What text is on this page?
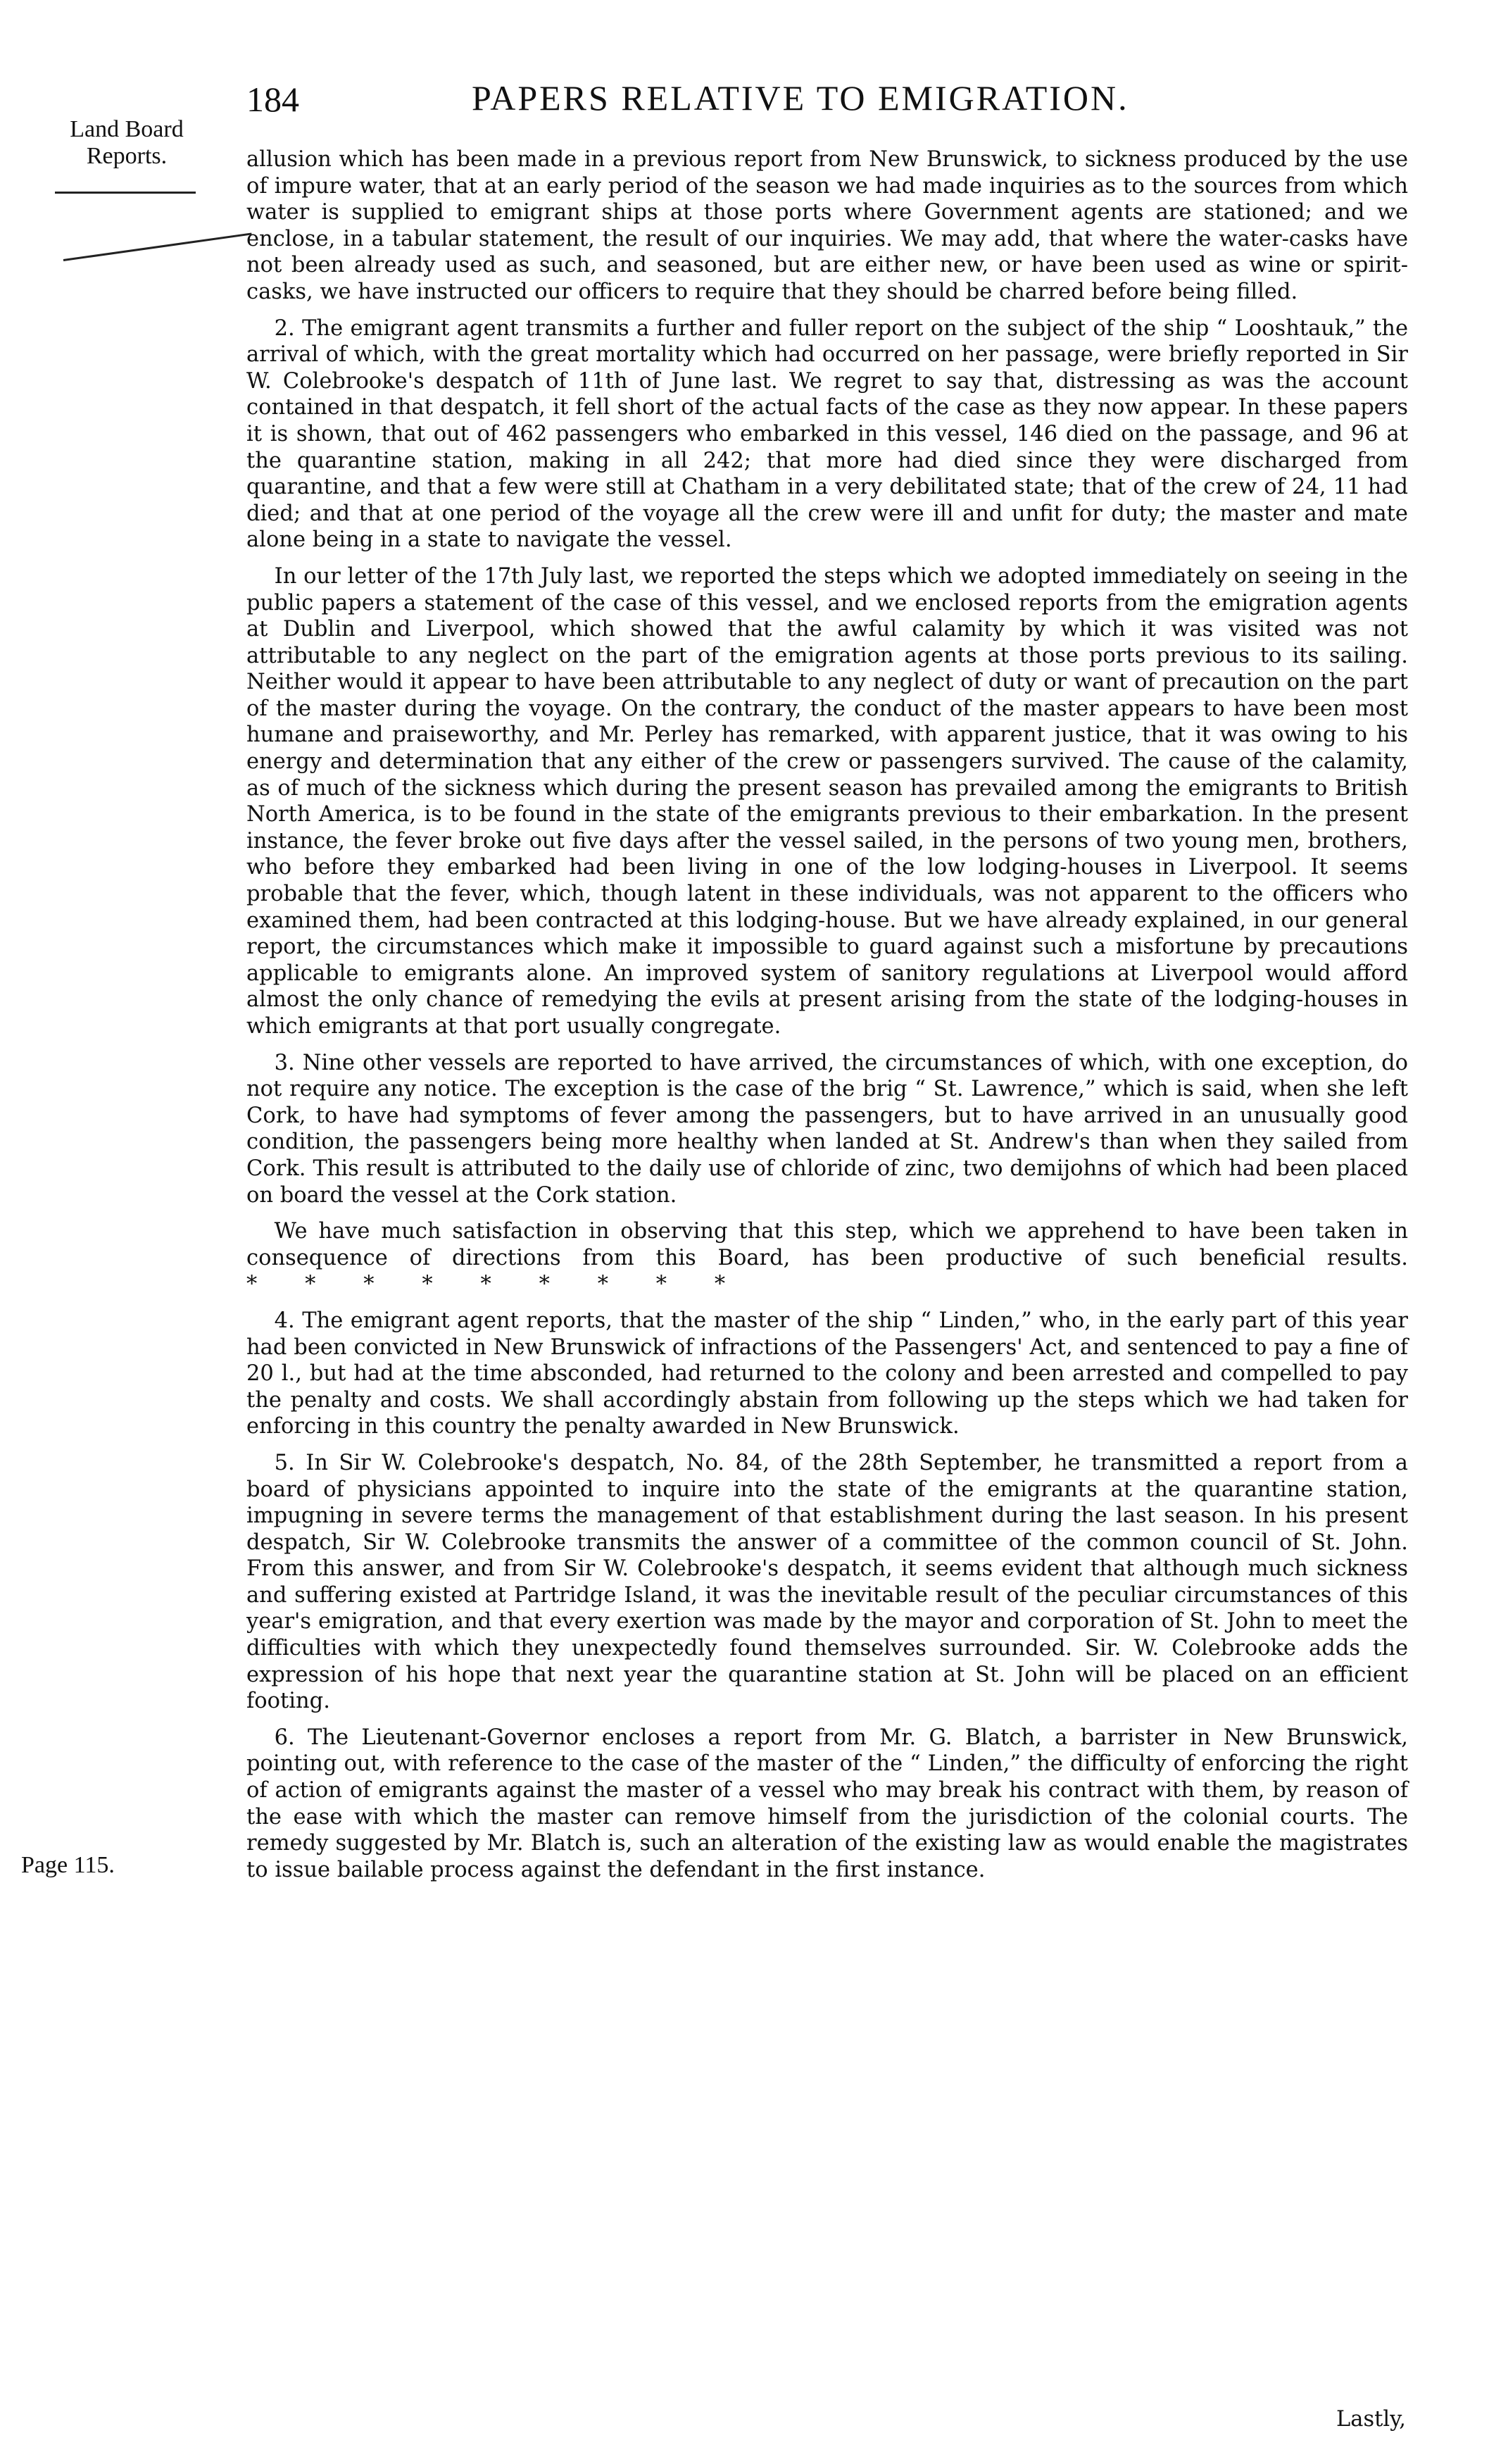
184	PAPERS RELATIVE TO EMIGRATION.
Land Board Reports.
Page 115.

allusion which has been made in a previous report from New Brunswick, to sickness produced by the use of impure water, that at an early period of the season we had made inquiries as to the sources from which water is supplied to emigrant ships at those ports where Government agents are stationed; and we enclose, in a tabular statement, the result of our inquiries. We may add, that where the water-casks have not been already used as such, and seasoned, but are either new, or have been used as wine or spirit-casks, we have instructed our officers to require that they should be charred before being filled.

2. The emigrant agent transmits a further and fuller report on the subject of the ship “ Looshtauk,” the arrival of which, with the great mortality which had occurred on her passage, were briefly reported in Sir W. Colebrooke's despatch of 11th of June last. We regret to say that, distressing as was the account contained in that despatch, it fell short of the actual facts of the case as they now appear. In these papers it is shown, that out of 462 passengers who embarked in this vessel, 146 died on the passage, and 96 at the quarantine station, making in all 242; that more had died since they were discharged from quarantine, and that a few were still at Chatham in a very debilitated state; that of the crew of 24, 11 had died; and that at one period of the voyage all the crew were ill and unfit for duty; the master and mate alone being in a state to navigate the vessel.

In our letter of the 17th July last, we reported the steps which we adopted immediately on seeing in the public papers a statement of the case of this vessel, and we enclosed reports from the emigration agents at Dublin and Liverpool, which showed that the awful calamity by which it was visited was not attributable to any neglect on the part of the emigration agents at those ports previous to its sailing. Neither would it appear to have been attributable to any neglect of duty or want of precaution on the part of the master during the voyage. On the contrary, the conduct of the master appears to have been most humane and praiseworthy, and Mr. Perley has remarked, with apparent justice, that it was owing to his energy and determination that any either of the crew or passengers survived. The cause of the calamity, as of much of the sickness which during the present season has prevailed among the emigrants to British North America, is to be found in the state of the emigrants previous to their embarkation. In the present instance, the fever broke out five days after the vessel sailed, in the persons of two young men, brothers, who before they embarked had been living in one of the low lodging-houses in Liverpool. It seems probable that the fever, which, though latent in these individuals, was not apparent to the officers who examined them, had been contracted at this lodging-house. But we have already explained, in our general report, the circumstances which make it impossible to guard against such a misfortune by precautions applicable to emigrants alone. An improved system of sanitory regulations at Liverpool would afford almost the only chance of remedying the evils at present arising from the state of the lodging-houses in which emigrants at that port usually congregate.

3. Nine other vessels are reported to have arrived, the circumstances of which, with one exception, do not require any notice. The exception is the case of the brig “ St. Lawrence,” which is said, when she left Cork, to have had symptoms of fever among the passengers, but to have arrived in an unusually good condition, the passengers being more healthy when landed at St. Andrew's than when they sailed from Cork. This result is attributed to the daily use of chloride of zinc, two demijohns of which had been placed on board the vessel at the Cork station.

We have much satisfaction in observing that this step, which we apprehend to have been taken in consequence of directions from this Board, has been productive of such beneficial results. *       *       *       *       *       *       *       *       *

4. The emigrant agent reports, that the master of the ship “ Linden,” who, in the early part of this year had been convicted in New Brunswick of infractions of the Passengers' Act, and sentenced to pay a fine of 20 l., but had at the time absconded, had returned to the colony and been arrested and compelled to pay the penalty and costs. We shall accordingly abstain from following up the steps which we had taken for enforcing in this country the penalty awarded in New Brunswick.

5. In Sir W. Colebrooke's despatch, No. 84, of the 28th September, he transmitted a report from a board of physicians appointed to inquire into the state of the emigrants at the quarantine station, impugning in severe terms the management of that establishment during the last season. In his present despatch, Sir W. Colebrooke transmits the answer of a committee of the common council of St. John. From this answer, and from Sir W. Colebrooke's despatch, it seems evident that although much sickness and suffering existed at Partridge Island, it was the inevitable result of the peculiar circumstances of this year's emigration, and that every exertion was made by the mayor and corporation of St. John to meet the difficulties with which they unexpectedly found themselves surrounded. Sir. W. Colebrooke adds the expression of his hope that next year the quarantine station at St. John will be placed on an efficient footing.

6. The Lieutenant-Governor encloses a report from Mr. G. Blatch, a barrister in New Brunswick, pointing out, with reference to the case of the master of the “ Linden,” the difficulty of enforcing the right of action of emigrants against the master of a vessel who may break his contract with them, by reason of the ease with which the master can remove himself from the jurisdiction of the colonial courts. The remedy suggested by Mr. Blatch is, such an alteration of the existing law as would enable the magistrates to issue bailable process against the defendant in the first instance.

Lastly,
